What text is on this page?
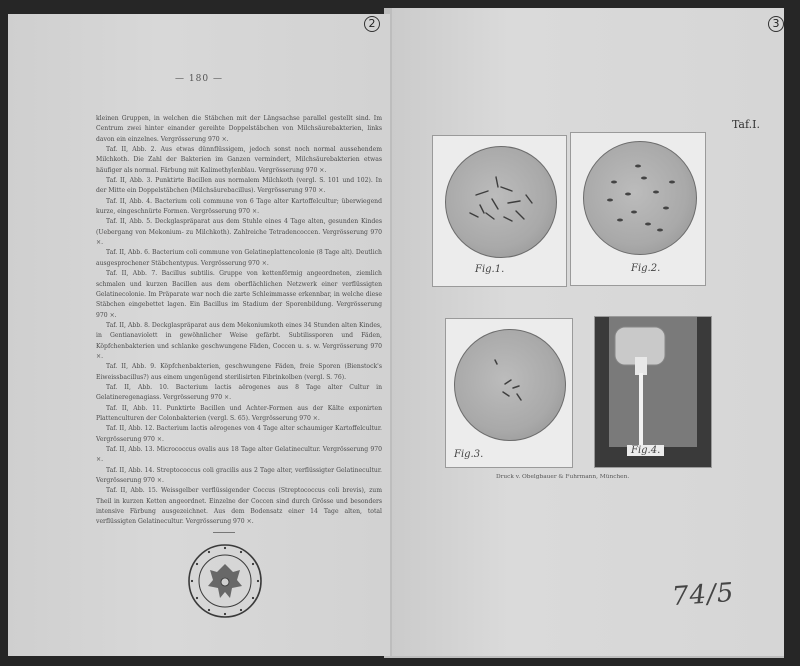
2
— 180 —

kleinen Gruppen, in welchen die Stäbchen mit der Längsachse parallel gestellt sind. Im Centrum zwei hinter einander gereihte Doppelstäbchen von Milchsäurebakterien, links davon ein einzelnes. Vergrösserung 970 ×.

Taf. II, Abb. 2. Aus etwas dünnflüssigem, jedoch sonst noch normal aussehendem Milchkoth. Die Zahl der Bakterien im Ganzen vermindert, Milchsäurebakterien etwas häufiger als normal. Färbung mit Kalimethylenblau. Vergrösserung 970 ×.

Taf. II, Abb. 3. Punktirte Bacillen aus normalem Milchkoth (vergl. S. 101 und 102). In der Mitte ein Doppelstäbchen (Milchsäurebacillus). Vergrösserung 970 ×.

Taf. II, Abb. 4. Bacterium coli commune von 6 Tage alter Kartoffelcultur; überwiegend kurze, eingeschnürte Formen. Vergrösserung 970 ×.

Taf. II, Abb. 5. Deckglaspräparat aus dem Stuhle eines 4 Tage alten, gesunden Kindes (Uebergang von Mekonium- zu Milchkoth). Zahlreiche Tetradencoccen. Vergrösserung 970 ×.

Taf. II, Abb. 6. Bacterium coli commune von Gelatineplattencolonie (8 Tage alt). Deutlich ausgesprochener Stäbchentypus. Vergrösserung 970 ×.

Taf. II, Abb. 7. Bacillus subtilis. Gruppe von kettenförmig angeordneten, ziemlich schmalen und kurzen Bacillen aus dem oberflächlichen Netzwerk einer verflüssigten Gelatinecolonie. Im Präparate war noch die zarte Schleimmasse erkennbar, in welche diese Stäbchen eingebettet lagen. Ein Bacillus im Stadium der Sporenbildung. Vergrösserung 970 ×.

Taf. II, Abb. 8. Deckglaspräparat aus dem Mekoniumkoth eines 34 Stunden alten Kindes, in Gentianaviolett in gewöhnlicher Weise gefärbt. Subtilissporen und Fäden, Köpfchenbakterien und schlanke geschwungene Fäden, Coccen u. s. w. Vergrösserung 970 ×.

Taf. II, Abb. 9. Köpfchenbakterien, geschwungene Fäden, freie Sporen (Bienstock's Eiweissbacillus?) aus einem ungenügend sterilisirten Fibrinkolben (vergl. S. 76).

Taf. II, Abb. 10. Bacterium lactis aërogenes aus 8 Tage alter Cultur in Gelatineregenagiass. Vergrösserung 970 ×.

Taf. II, Abb. 11. Punktirte Bacillen und Achter-Formen aus der Kälte exponirten Plattenculturen der Colonbakterien (vergl. S. 65). Vergrösserung 970 ×.

Taf. II, Abb. 12. Bacterium lactis aërogenes von 4 Tage alter schaumiger Kartoffelcultur. Vergrösserung 970 ×.

Taf. II, Abb. 13. Micrococcus ovalis aus 18 Tage alter Gelatinecultur. Vergrösserung 970 ×.

Taf. II, Abb. 14. Streptococcus coli gracilis aus 2 Tage alter, verflüssigter Gelatinecultur. Vergrösserung 970 ×.

Taf. II, Abb. 15. Weissgelber verflüssigender Coccus (Streptococcus coli brevis), zum Theil in kurzen Ketten angeordnet. Einzelne der Coccen sind durch Grösse und besonders intensive Färbung ausgezeichnet. Aus dem Bodensatz einer 14 Tage alten, total verflüssigten Gelatinecultur. Vergrösserung 970 ×.

3
Taf.I.
Fig.1.	Fig.2.
Fig.3.	Fig.4.
Druck v. Obelgbauer & Fuhrmann, München.
74/5
